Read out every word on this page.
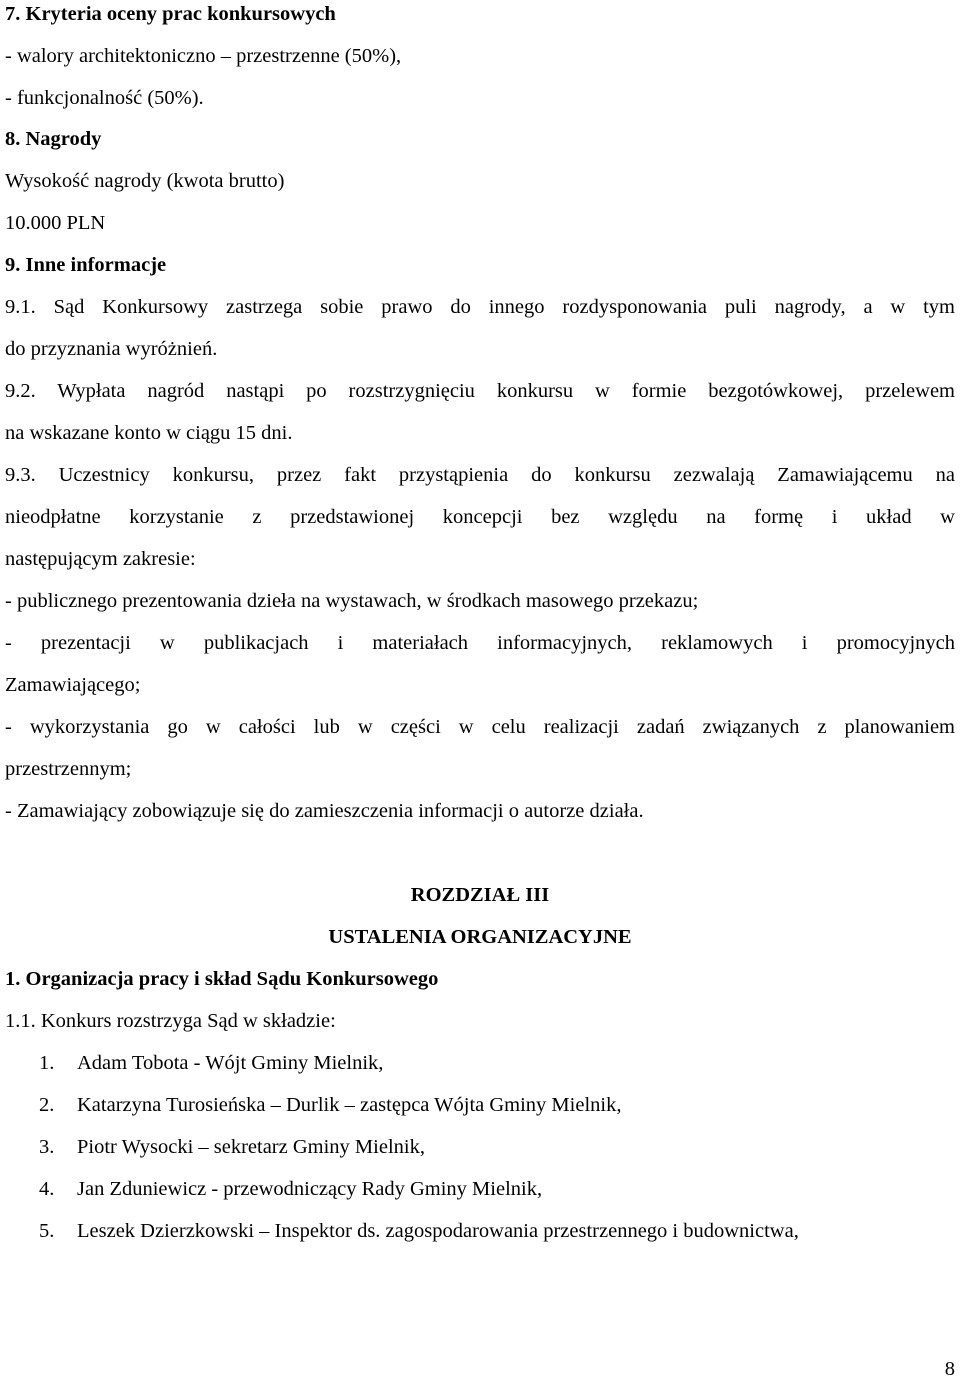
7. Kryteria oceny prac konkursowych
- walory architektoniczno – przestrzenne (50%),
- funkcjonalność (50%).
8. Nagrody
Wysokość nagrody (kwota brutto)
10.000 PLN
9. Inne informacje
9.1. Sąd Konkursowy zastrzega sobie prawo do innego rozdysponowania puli nagrody, a w tym
do przyznania wyróżnień.
9.2. Wypłata nagród nastąpi po rozstrzygnięciu konkursu w formie bezgotówkowej, przelewem
na wskazane konto w ciągu 15 dni.
9.3. Uczestnicy konkursu, przez fakt przystąpienia do konkursu zezwalają Zamawiającemu na
nieodpłatne korzystanie z przedstawionej koncepcji bez względu na formę i układ w
następującym zakresie:
- publicznego prezentowania dzieła na wystawach, w środkach masowego przekazu;
- prezentacji w publikacjach i materiałach informacyjnych, reklamowych i promocyjnych
Zamawiającego;
- wykorzystania go w całości lub w części w celu realizacji zadań związanych z planowaniem
przestrzennym;
- Zamawiający zobowiązuje się do zamieszczenia informacji o autorze działa.
ROZDZIAŁ III
USTALENIA ORGANIZACYJNE
1. Organizacja pracy i skład Sądu Konkursowego
1.1. Konkurs rozstrzyga Sąd w składzie:
1. Adam Tobota - Wójt Gminy Mielnik,
2. Katarzyna Turosieńska – Durlik – zastępca Wójta Gminy Mielnik,
3. Piotr Wysocki – sekretarz Gminy Mielnik,
4. Jan Zduniewicz - przewodniczący Rady Gminy Mielnik,
5. Leszek Dzierzkowski – Inspektor ds. zagospodarowania przestrzennego i budownictwa,
8
